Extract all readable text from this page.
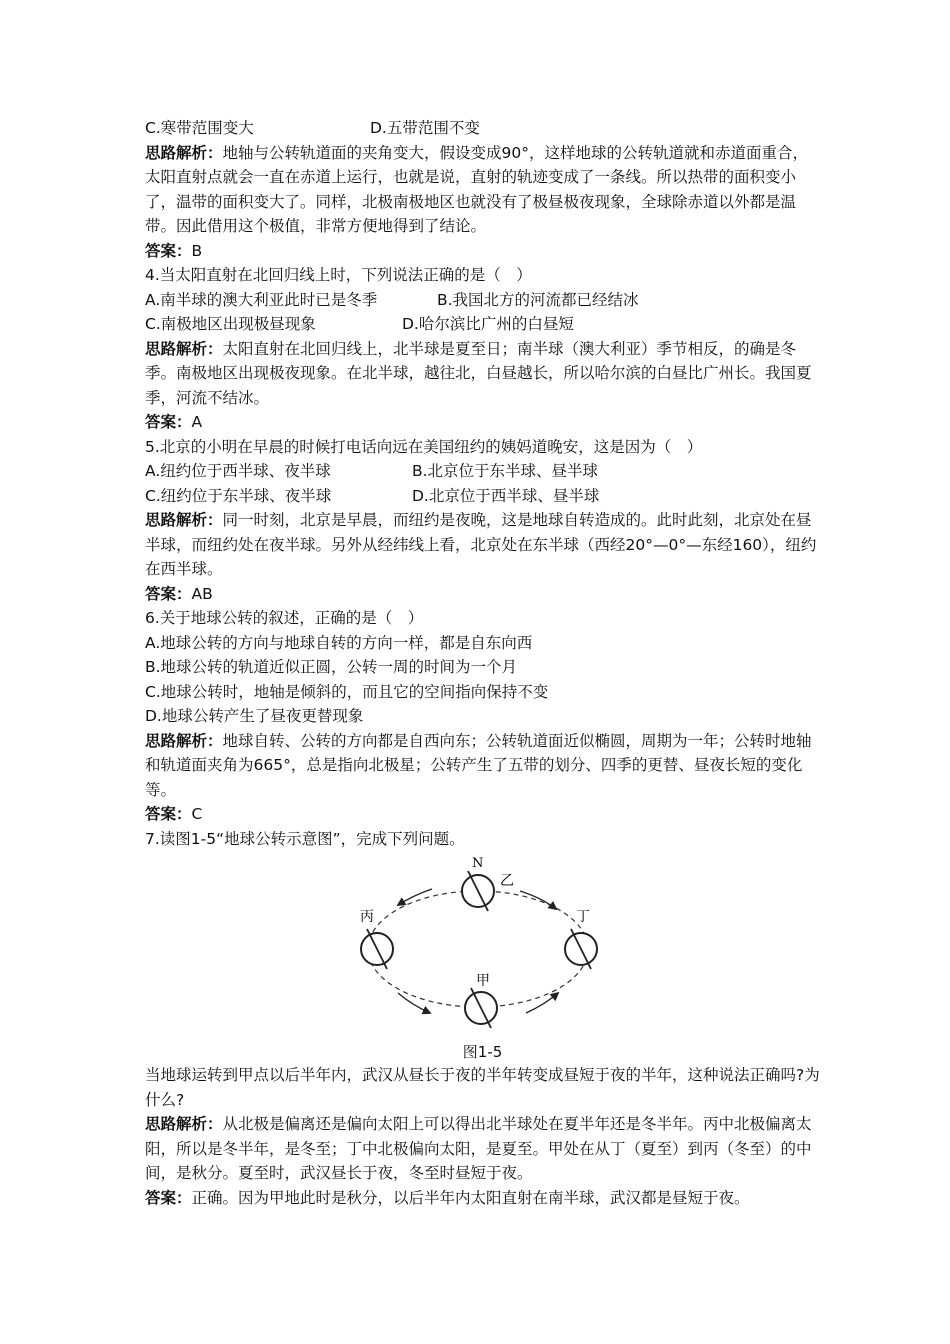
C.寒带范围变大	D.五带范围不变
思路解析：地轴与公转轨道面的夹角变大，假设变成90°，这样地球的公转轨道就和赤道面重合，太阳直射点就会一直在赤道上运行，也就是说，直射的轨迹变成了一条线。所以热带的面积变小了，温带的面积变大了。同样，北极南极地区也就没有了极昼极夜现象，全球除赤道以外都是温带。因此借用这个极值，非常方便地得到了结论。
答案：B
4.当太阳直射在北回归线上时，下列说法正确的是（　）
A.南半球的澳大利亚此时已是冬季	B.我国北方的河流都已经结冰
C.南极地区出现极昼现象	D.哈尔滨比广州的白昼短
思路解析：太阳直射在北回归线上，北半球是夏至日；南半球（澳大利亚）季节相反，的确是冬季。南极地区出现极夜现象。在北半球，越往北，白昼越长，所以哈尔滨的白昼比广州长。我国夏季，河流不结冰。
答案：A
5.北京的小明在早晨的时候打电话向远在美国纽约的姨妈道晚安，这是因为（　）
A.纽约位于西半球、夜半球	B.北京位于东半球、昼半球
C.纽约位于东半球、夜半球	D.北京位于西半球、昼半球
思路解析：同一时刻，北京是早晨，而纽约是夜晚，这是地球自转造成的。此时此刻，北京处在昼半球，而纽约处在夜半球。另外从经纬线上看，北京处在东半球（西经20°—0°—东经160），纽约在西半球。
答案：AB
6.关于地球公转的叙述，正确的是（　）
A.地球公转的方向与地球自转的方向一样，都是自东向西
B.地球公转的轨道近似正圆，公转一周的时间为一个月
C.地球公转时，地轴是倾斜的，而且它的空间指向保持不变
D.地球公转产生了昼夜更替现象
思路解析：地球自转、公转的方向都是自西向东；公转轨道面近似椭圆，周期为一年；公转时地轴和轨道面夹角为665°，总是指向北极星；公转产生了五带的划分、四季的更替、昼夜长短的变化等。
答案：C
7.读图1-5“地球公转示意图”，完成下列问题。
N
乙
丙	丁
甲
图1-5
当地球运转到甲点以后半年内，武汉从昼长于夜的半年转变成昼短于夜的半年，这种说法正确吗?为什么?
思路解析：从北极是偏离还是偏向太阳上可以得出北半球处在夏半年还是冬半年。丙中北极偏离太阳，所以是冬半年，是冬至；丁中北极偏向太阳，是夏至。甲处在从丁（夏至）到丙（冬至）的中间，是秋分。夏至时，武汉昼长于夜，冬至时昼短于夜。
答案：正确。因为甲地此时是秋分，以后半年内太阳直射在南半球，武汉都是昼短于夜。
